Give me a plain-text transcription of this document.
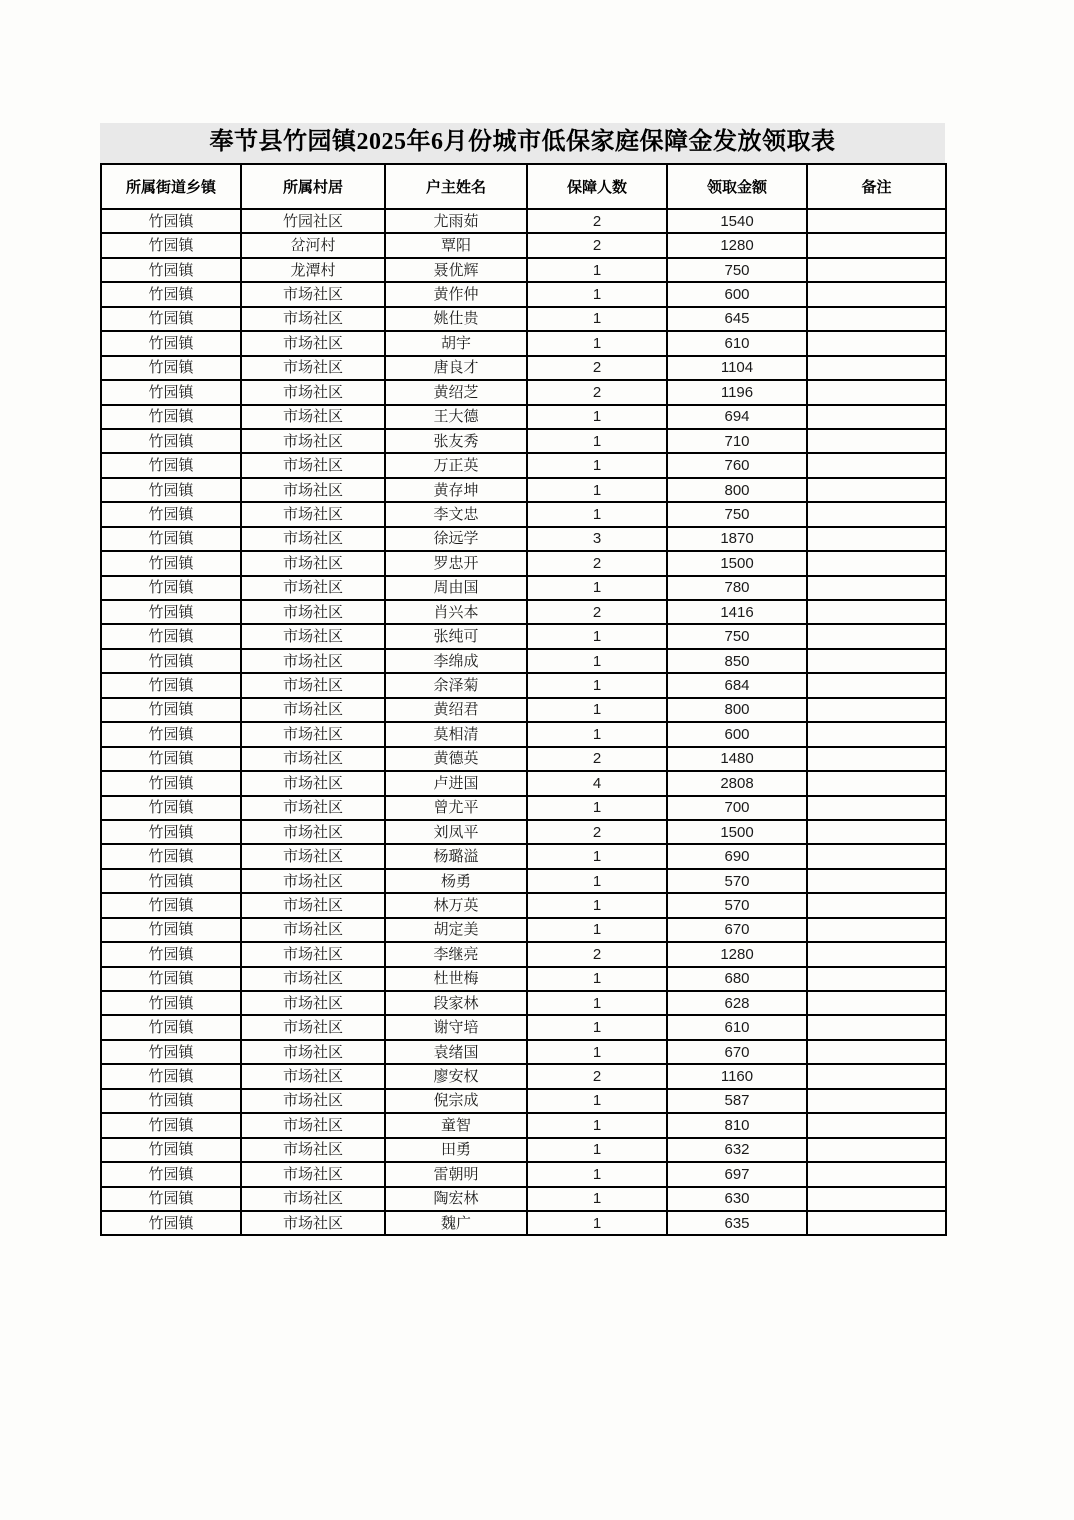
奉节县竹园镇2025年6月份城市低保家庭保障金发放领取表
所属街道乡镇	所属村居	户主姓名	保障人数	领取金额	备注
竹园镇	竹园社区	尤雨茹	2	1540	
竹园镇	岔河村	覃阳	2	1280	
竹园镇	龙潭村	聂优辉	1	750	
竹园镇	市场社区	黄作仲	1	600	
竹园镇	市场社区	姚仕贵	1	645	
竹园镇	市场社区	胡宇	1	610	
竹园镇	市场社区	唐良才	2	1104	
竹园镇	市场社区	黄绍芝	2	1196	
竹园镇	市场社区	王大德	1	694	
竹园镇	市场社区	张友秀	1	710	
竹园镇	市场社区	万正英	1	760	
竹园镇	市场社区	黄存坤	1	800	
竹园镇	市场社区	李文忠	1	750	
竹园镇	市场社区	徐远学	3	1870	
竹园镇	市场社区	罗忠开	2	1500	
竹园镇	市场社区	周由国	1	780	
竹园镇	市场社区	肖兴本	2	1416	
竹园镇	市场社区	张纯可	1	750	
竹园镇	市场社区	李绵成	1	850	
竹园镇	市场社区	余泽菊	1	684	
竹园镇	市场社区	黄绍君	1	800	
竹园镇	市场社区	莫相清	1	600	
竹园镇	市场社区	黄德英	2	1480	
竹园镇	市场社区	卢进国	4	2808	
竹园镇	市场社区	曾尤平	1	700	
竹园镇	市场社区	刘凤平	2	1500	
竹园镇	市场社区	杨璐溢	1	690	
竹园镇	市场社区	杨勇	1	570	
竹园镇	市场社区	林万英	1	570	
竹园镇	市场社区	胡定美	1	670	
竹园镇	市场社区	李继亮	2	1280	
竹园镇	市场社区	杜世梅	1	680	
竹园镇	市场社区	段家林	1	628	
竹园镇	市场社区	谢守培	1	610	
竹园镇	市场社区	袁绪国	1	670	
竹园镇	市场社区	廖安权	2	1160	
竹园镇	市场社区	倪宗成	1	587	
竹园镇	市场社区	童智	1	810	
竹园镇	市场社区	田勇	1	632	
竹园镇	市场社区	雷朝明	1	697	
竹园镇	市场社区	陶宏林	1	630	
竹园镇	市场社区	魏广	1	635	
